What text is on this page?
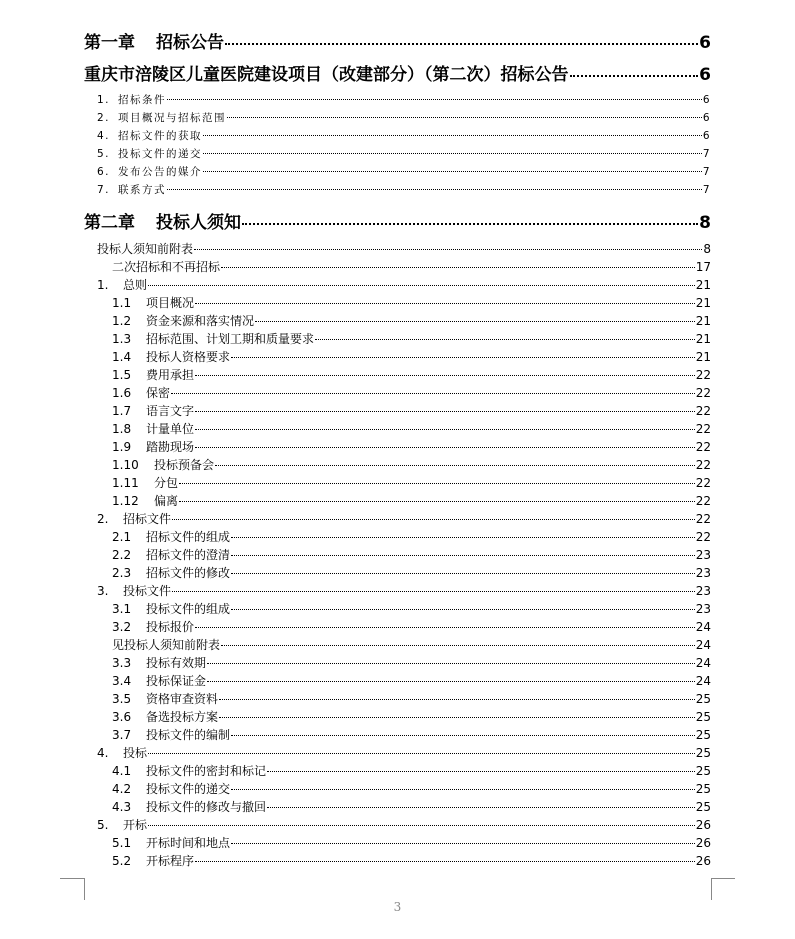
第一章	招标公告	6
重庆市涪陵区儿童医院建设项目（改建部分）（第二次）招标公告	6
1. 招标条件	6
2. 项目概况与招标范围	6
4. 招标文件的获取	6
5. 投标文件的递交	7
6. 发布公告的媒介	7
7. 联系方式	7
第二章	投标人须知	8
投标人须知前附表	8
二次招标和不再招标	17
1.	总则	21
1.1	项目概况	21
1.2	资金来源和落实情况	21
1.3	招标范围、计划工期和质量要求	21
1.4	投标人资格要求	21
1.5	费用承担	22
1.6	保密	22
1.7	语言文字	22
1.8	计量单位	22
1.9	踏勘现场	22
1.10	投标预备会	22
1.11	分包	22
1.12	偏离	22
2.	招标文件	22
2.1	招标文件的组成	22
2.2	招标文件的澄清	23
2.3	招标文件的修改	23
3.	投标文件	23
3.1	投标文件的组成	23
3.2	投标报价	24
见投标人须知前附表	24
3.3	投标有效期	24
3.4	投标保证金	24
3.5	资格审查资料	25
3.6	备选投标方案	25
3.7	投标文件的编制	25
4.	投标	25
4.1	投标文件的密封和标记	25
4.2	投标文件的递交	25
4.3	投标文件的修改与撤回	25
5.	开标	26
5.1	开标时间和地点	26
5.2	开标程序	26
3
